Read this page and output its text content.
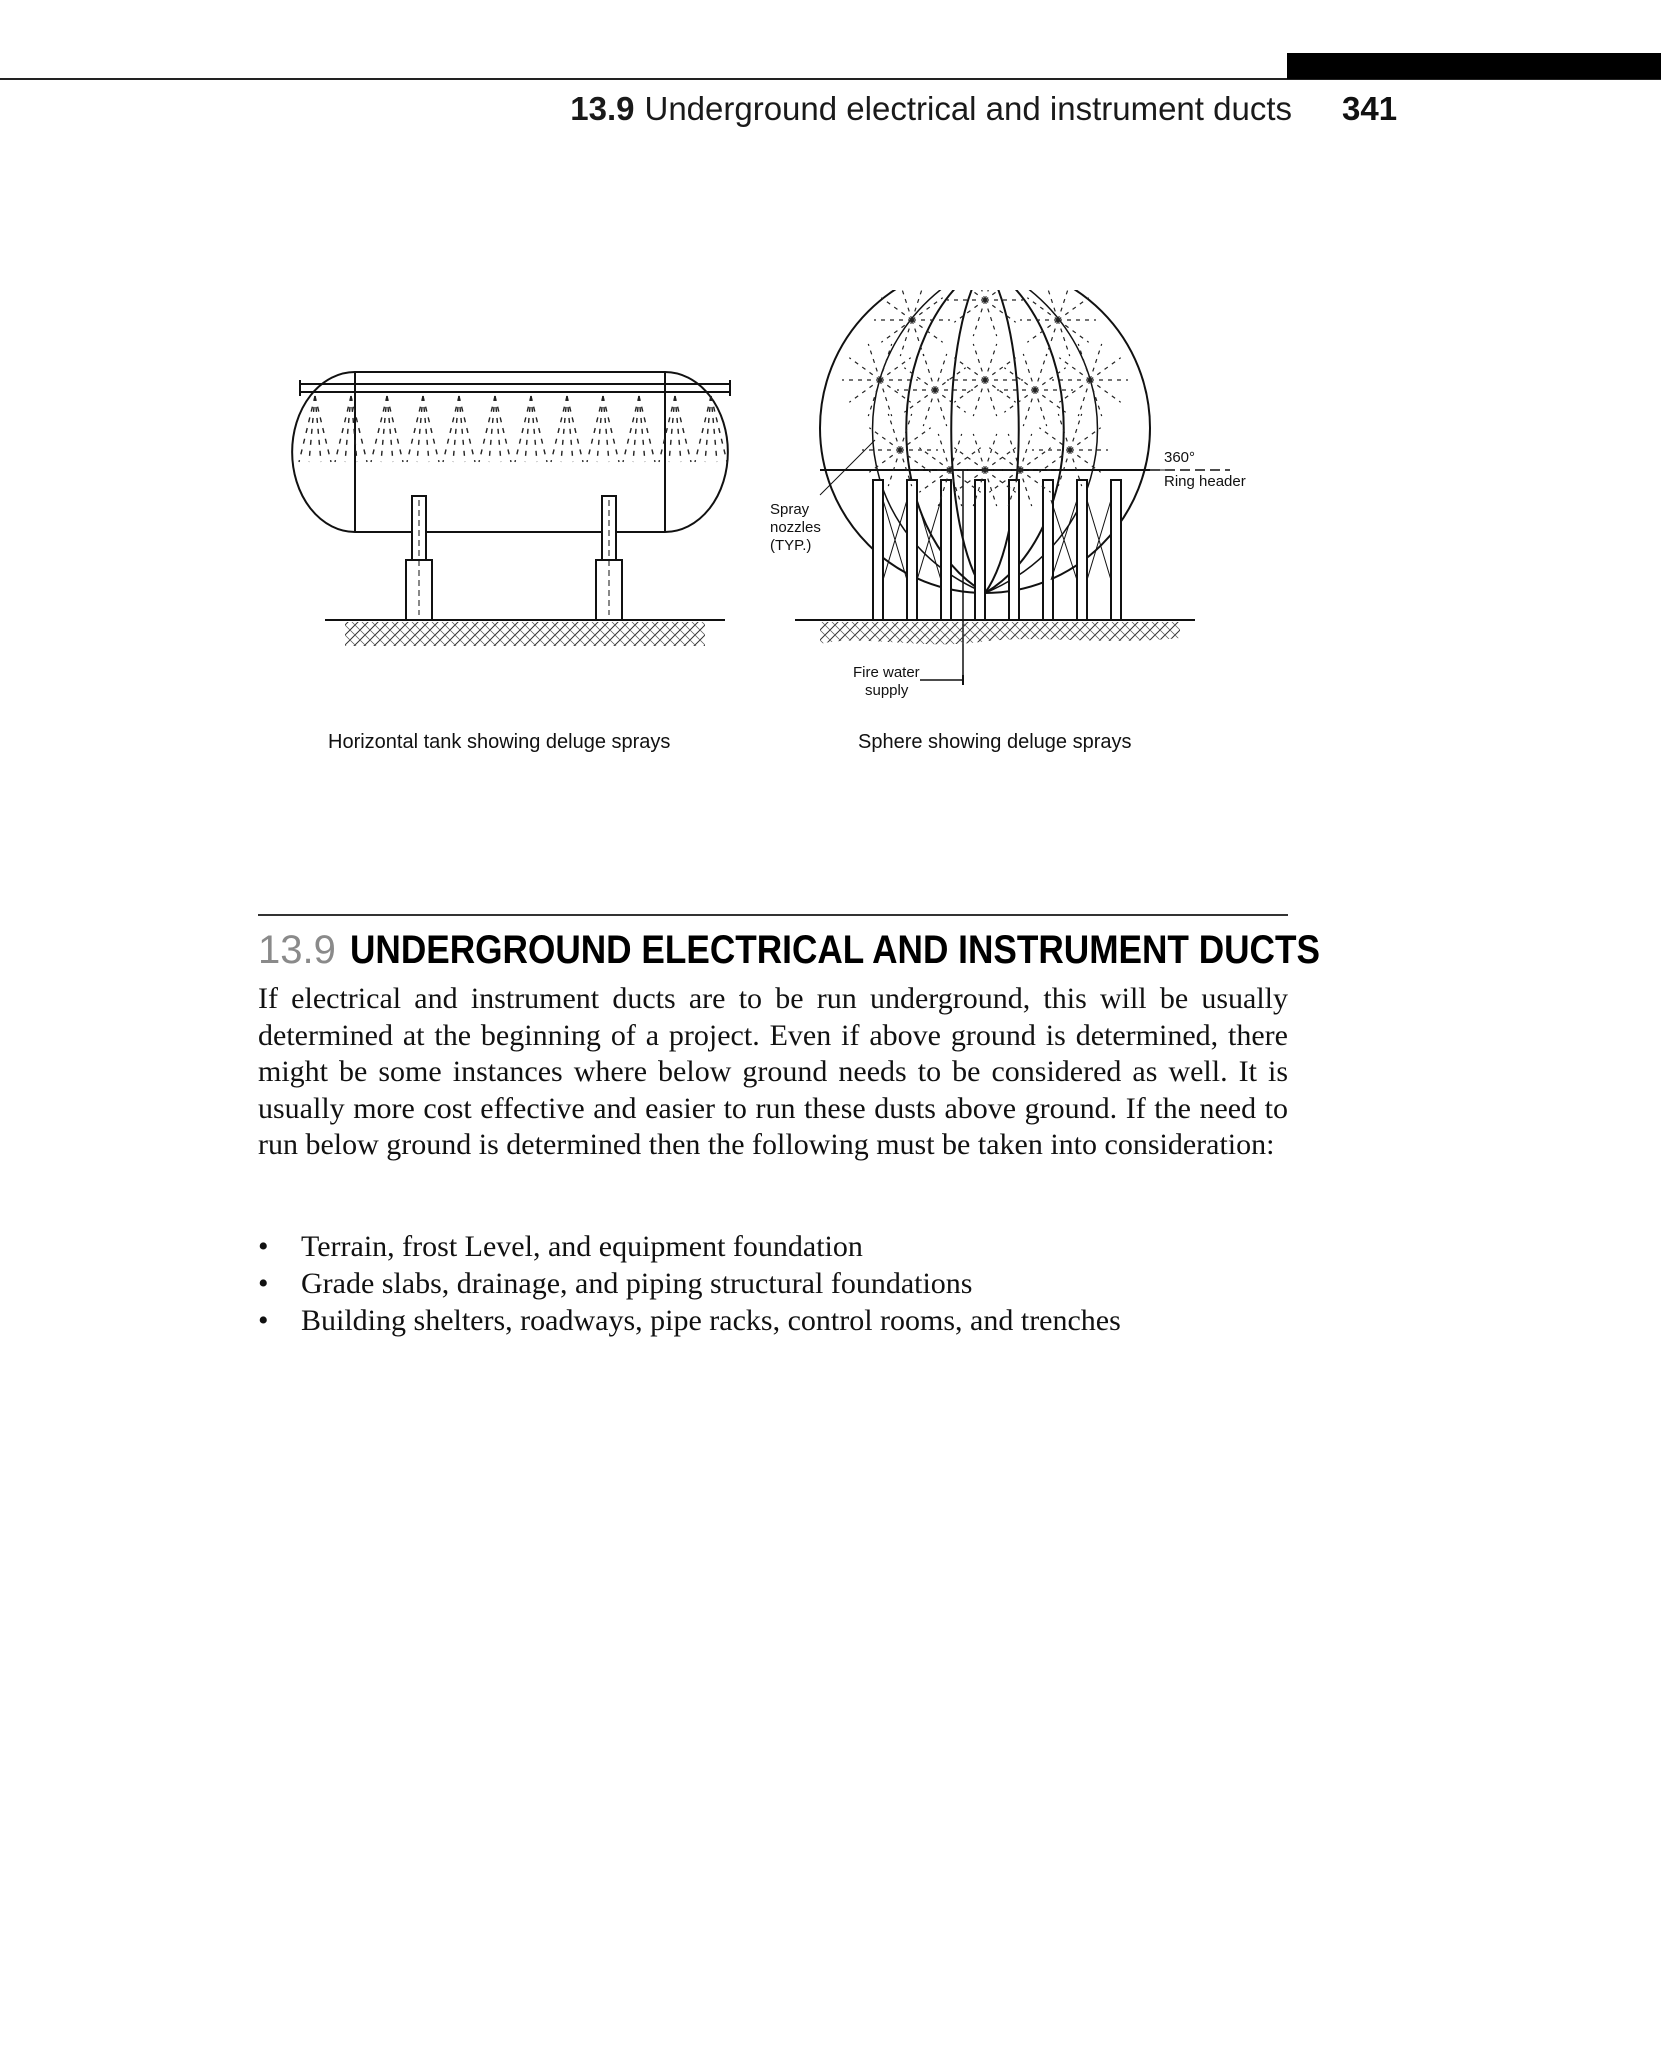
13.9 Underground electrical and instrument ducts 341
Spray
nozzles
(TYP.)
360°
Ring header
Fire water
supply
Horizontal tank showing deluge sprays	Sphere showing deluge sprays
13.9 UNDERGROUND ELECTRICAL AND INSTRUMENT DUCTS

If electrical and instrument ducts are to be run underground, this will be usually determined at the beginning of a project. Even if above ground is determined, there might be some instances where below ground needs to be considered as well. It is usually more cost effective and easier to run these dusts above ground. If the need to run below ground is determined then the following must be taken into consideration:

• Terrain, frost Level, and equipment foundation
• Grade slabs, drainage, and piping structural foundations
• Building shelters, roadways, pipe racks, control rooms, and trenches
